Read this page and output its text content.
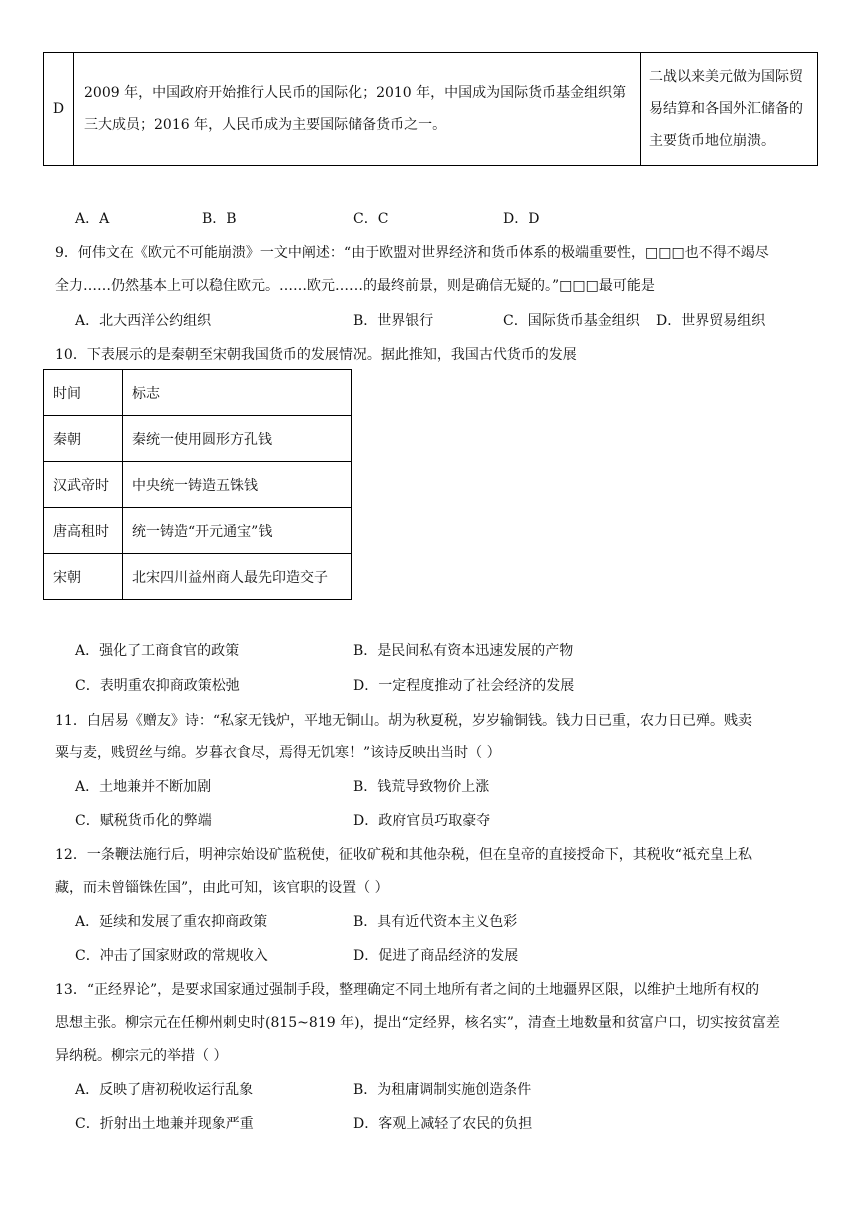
D	2009 年，中国政府开始推行人民币的国际化；2010 年，中国成为国际货币基金组织第三大成员；2016 年，人民币成为主要国际储备货币之一。	二战以来美元做为国际贸易结算和各国外汇储备的主要货币地位崩溃。
A．A	B．B	C．C	D．D
9．何伟文在《欧元不可能崩溃》一文中阐述：“由于欧盟对世界经济和货币体系的极端重要性，□□□也不得不竭尽
全力……仍然基本上可以稳住欧元。……欧元……的最终前景，则是确信无疑的。”□□□最可能是
A．北大西洋公约组织	B．世界银行	C．国际货币基金组织 D．世界贸易组织
10．下表展示的是秦朝至宋朝我国货币的发展情况。据此推知，我国古代货币的发展
时间	标志
秦朝	秦统一使用圆形方孔钱
汉武帝时	中央统一铸造五铢钱
唐高租时	统一铸造“开元通宝”钱
宋朝	北宋四川益州商人最先印造交子
A．强化了工商食官的政策	B．是民间私有资本迅速发展的产物
C．表明重农抑商政策松弛	D．一定程度推动了社会经济的发展
11．白居易《赠友》诗：“私家无钱炉，平地无铜山。胡为秋夏税，岁岁输铜钱。钱力日已重，农力日已殚。贱卖
粟与麦，贱贸丝与绵。岁暮衣食尽，焉得无饥寒！”该诗反映出当时（ ）
A．土地兼并不断加剧	B．钱荒导致物价上涨
C．赋税货币化的弊端	D．政府官员巧取豪夺
12．一条鞭法施行后，明神宗始设矿监税使，征收矿税和其他杂税，但在皇帝的直接授命下，其税收“祗充皇上私
藏，而未曾锱铢佐国”，由此可知，该官职的设置（ ）
A．延续和发展了重农抑商政策	B．具有近代资本主义色彩
C．冲击了国家财政的常规收入	D．促进了商品经济的发展
13．“正经界论”，是要求国家通过强制手段，整理确定不同土地所有者之间的土地疆界区限，以维护土地所有权的
思想主张。柳宗元在任柳州刺史时(815~819 年)，提出“定经界，核名实”，清查土地数量和贫富户口，切实按贫富差
异纳税。柳宗元的举措（ ）
A．反映了唐初税收运行乱象	B．为租庸调制实施创造条件
C．折射出土地兼并现象严重	D．客观上减轻了农民的负担
